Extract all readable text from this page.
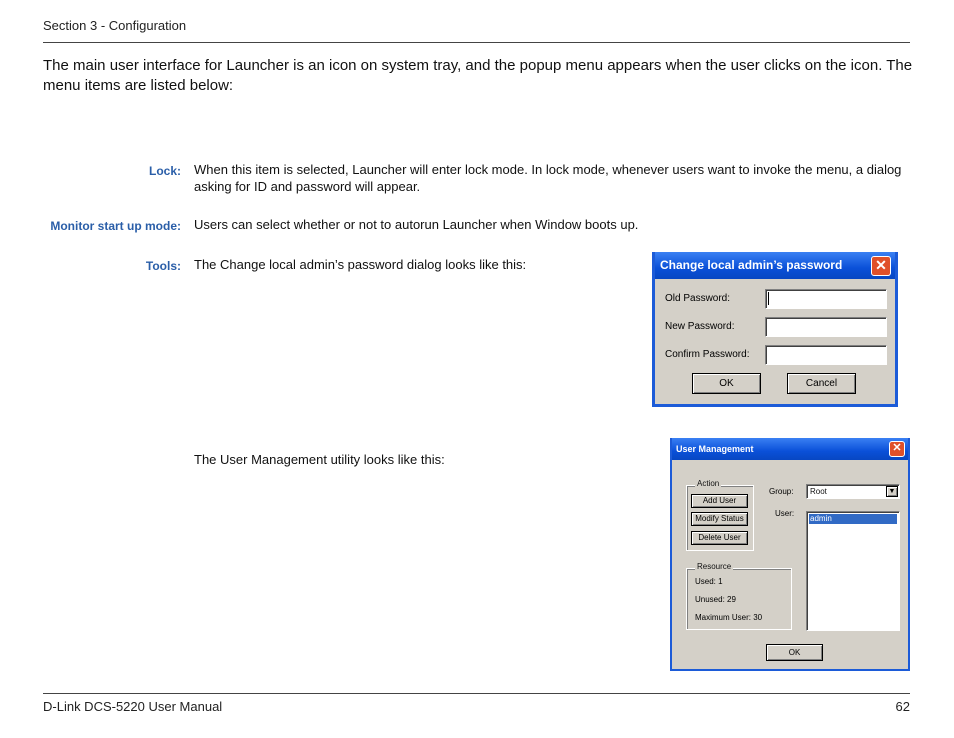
Section 3 - Configuration
The main user interface for Launcher is an icon on system tray, and the popup menu appears when the user clicks on the icon. The menu items are listed below:
Lock: When this item is selected, Launcher will enter lock mode. In lock mode, whenever users want to invoke the menu, a dialog asking for ID and password will appear.
Monitor start up mode: Users can select whether or not to autorun Launcher when Window boots up.
Tools: The Change local admin’s password dialog looks like this:
The User Management utility looks like this:
Change local admin’s password	✕
Old Password:
New Password:
Confirm Password:
OK	Cancel
User Management	✕
Action
Add User
Modify Status
Delete User
Group:	Root	▼
User:
admin
Resource
Used: 1
Unused: 29
Maximum User: 30
OK
D-Link DCS-5220 User Manual	62
